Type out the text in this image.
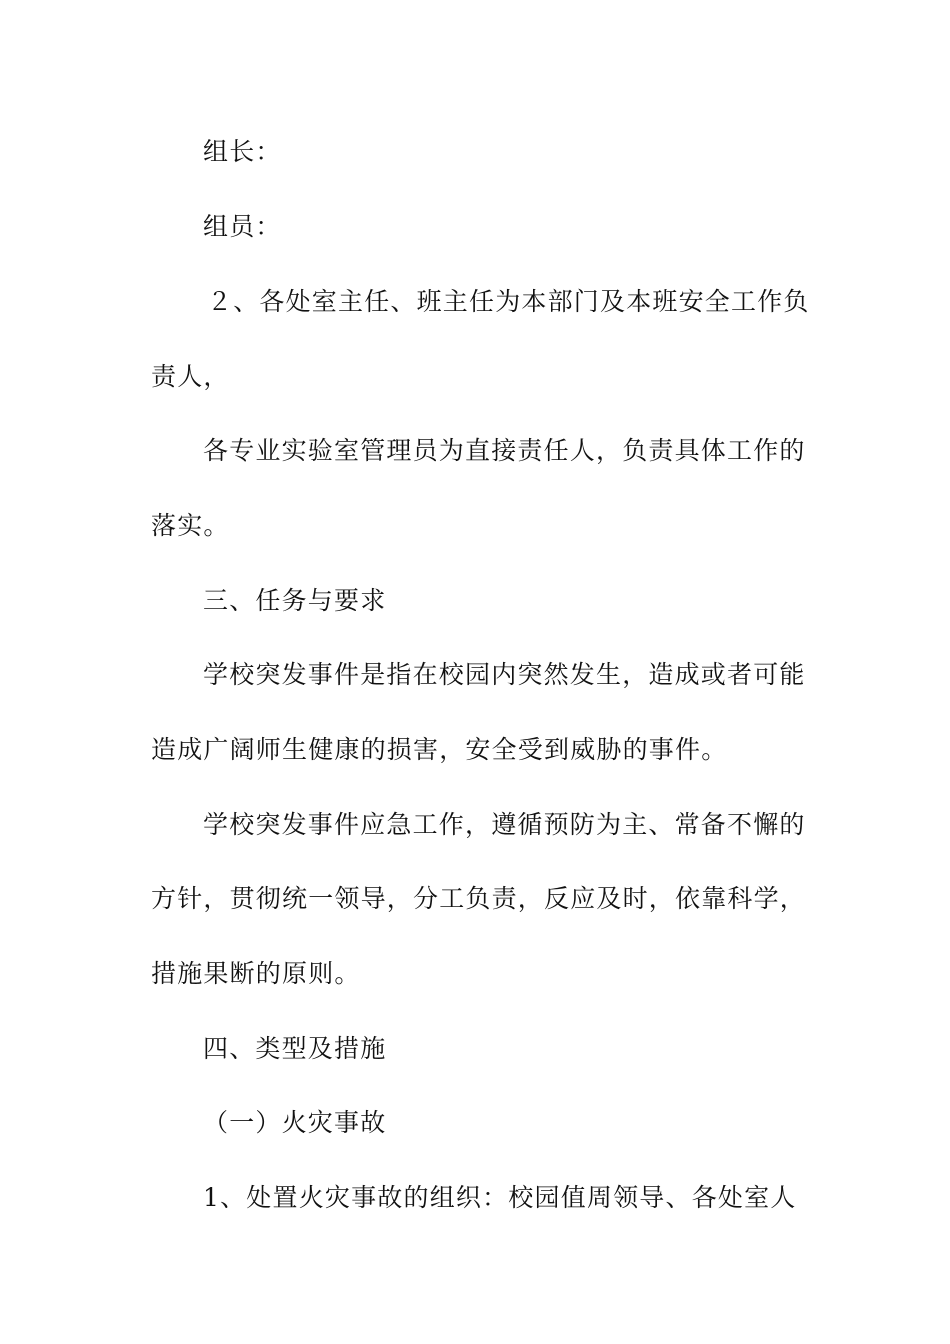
组长：
组员：
２、各处室主任、班主任为本部门及本班安全工作负
责人，
各专业实验室管理员为直接责任人，负责具体工作的
落实。
三、任务与要求
学校突发事件是指在校园内突然发生，造成或者可能
造成广阔师生健康的损害，安全受到威胁的事件。
学校突发事件应急工作，遵循预防为主、常备不懈的
方针，贯彻统一领导，分工负责，反应及时，依靠科学，
措施果断的原则。
四、类型及措施
（一）火灾事故
1、处置火灾事故的组织：校园值周领导、各处室人
